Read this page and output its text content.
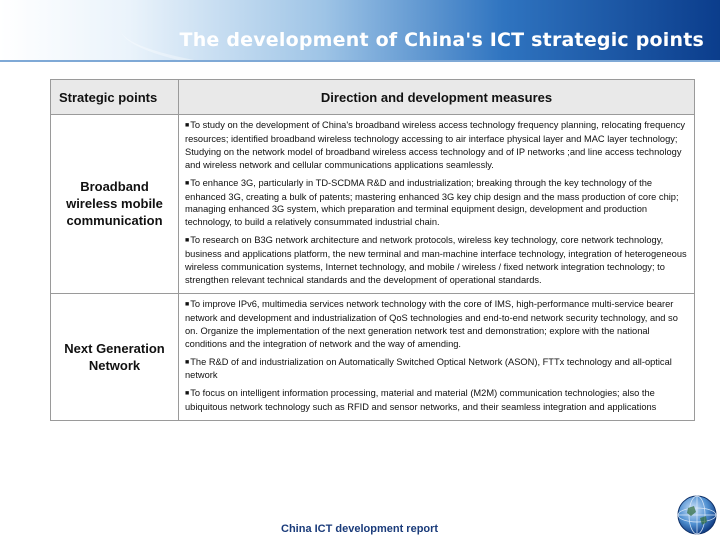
The development of China's ICT strategic points
Strategic points	Direction and development measures
Broadband wireless mobile communication	■To study on the development of China's broadband wireless access technology frequency planning, relocating frequency resources; identified broadband wireless technology accessing to air interface physical layer and MAC layer technology; Studying on the network model of broadband wireless access technology and of IP networks ;and line access technology and wireless network and cellular communications applications seamlessly.
■To enhance 3G, particularly in TD-SCDMA R&D and industrialization; breaking through the key technology of the enhanced 3G, creating a bulk of patents; mastering enhanced 3G key chip design and the mass production of core chip; managing enhanced 3G system, which preparation and terminal equipment design, development and production technology, to build a relatively consummated industrial chain.
■To research on B3G network architecture and network protocols, wireless key technology, core network technology, business and applications platform, the new terminal and man-machine interface technology, integration of heterogeneous wireless communication systems, Internet technology, and mobile / wireless / fixed network integration technology; to strengthen relevant technical standards and the development of operational standards.

Next Generation Network	■To improve IPv6, multimedia services network technology with the core of IMS, high-performance multi-service bearer network and development and industrialization of QoS technologies and end-to-end network security technology, and so on. Organize the implementation of the next generation network test and demonstration; explore with the national conditions and the integration of network and the way of amending.
■The R&D of and industrialization on Automatically Switched Optical Network (ASON), FTTx technology and all-optical network
■To focus on intelligent information processing, material and material (M2M) communication technologies; also the ubiquitous network technology such as RFID and sensor networks, and their seamless integration and applications
China ICT development report
